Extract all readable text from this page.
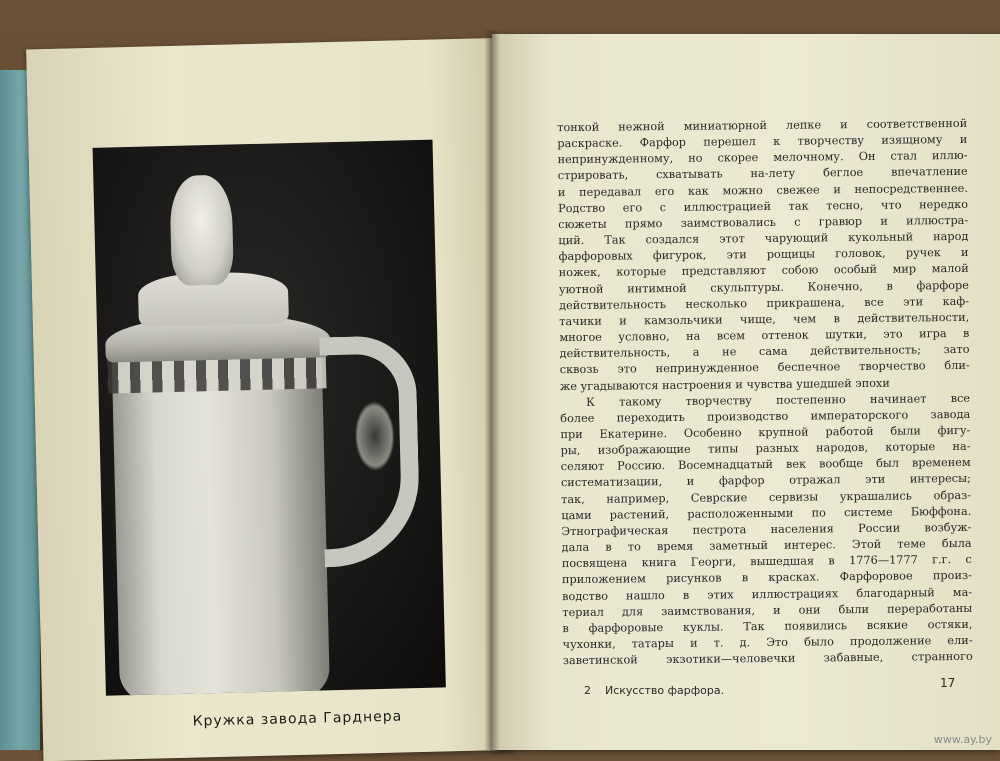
Кружка завода Гарднера
тонкой нежной миниатюрной лепке и соответственной
раскраске. Фарфор перешел к творчеству изящному и
непринужденному, но скорее мелочному. Он стал иллю-
стрировать, схватывать на-лету беглое впечатление
и передавал его как можно свежее и непосредственнее.
Родство его с иллюстрацией так тесно, что нередко
сюжеты прямо заимствовались с гравюр и иллюстра-
ций. Так создался этот чарующий кукольный народ
фарфоровых фигурок, эти рощицы головок, ручек и
ножек, которые представляют собою особый мир малой
уютной интимной скульптуры. Конечно, в фарфоре
действительность несколько прикрашена, все эти каф-
тачики и камзольчики чище, чем в действительности,
многое условно, на всем оттенок шутки, это игра в
действительность, а не сама действительность; зато
сквозь это непринужденное беспечное творчество бли-
же угадываются настроения и чувства ушедшей эпохи
К такому творчеству постепенно начинает все
более переходить производство императорского завода
при Екатерине. Особенно крупной работой были фигу-
ры, изображающие типы разных народов, которые на-
селяют Россию. Восемнадцатый век вообще был временем
систематизации, и фарфор отражал эти интересы;
так, например, Севрские сервизы украшались образ-
цами растений, расположенными по системе Бюффона.
Этнографическая пестрота населения России возбуж-
дала в то время заметный интерес. Этой теме была
посвящена книга Георги, вышедшая в 1776—1777 г.г. с
приложением рисунков в красках. Фарфоровое произ-
водство нашло в этих иллюстрациях благодарный ма-
териал для заимствования, и они были переработаны
в фарфоровые куклы. Так появились всякие остяки,
чухонки, татары и т. д. Это было продолжение ели-
заветинской экзотики—человечки забавные, странного
2    Искусство фарфора.
17
www.ay.by
